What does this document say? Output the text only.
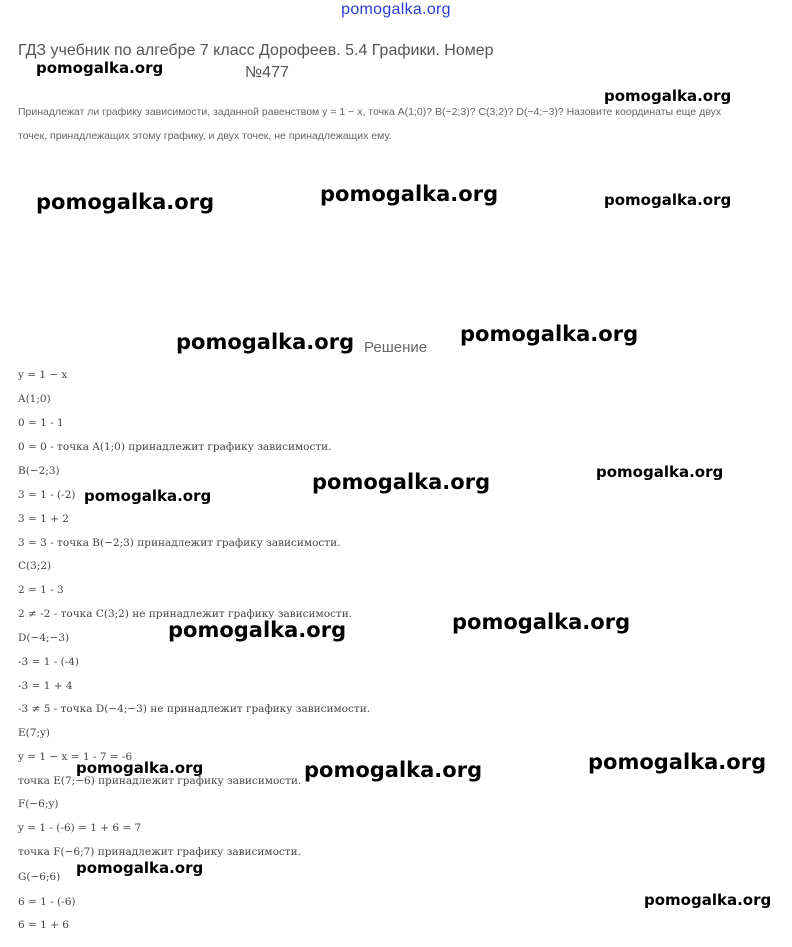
pomogalka.org
ГДЗ учебник по алгебре 7 класс Дорофеев. 5.4 Графики. Номер
№477
Принадлежат ли графику зависимости, заданной равенством y = 1 − x, точка A(1;0)? B(−2;3)? C(3;2)? D(−4;−3)? Назовите координаты еще двух
точек, принадлежащих этому графику, и двух точек, не принадлежащих ему.
Решение
y = 1 − x
A(1;0)
0 = 1 - 1
0 = 0 - точка A(1;0) принадлежит графику зависимости.
B(−2;3)
3 = 1 - (-2)
3 = 1 + 2
3 = 3 - точка B(−2;3) принадлежит графику зависимости.
C(3;2)
2 = 1 - 3
2 ≠ -2 - точка C(3;2) не принадлежит графику зависимости.
D(−4;−3)
-3 = 1 - (-4)
-3 = 1 + 4
-3 ≠ 5 - точка D(−4;−3) не принадлежит графику зависимости.
E(7;y)
y = 1 − x = 1 - 7 = -6
точка E(7;−6) принадлежит графику зависимости.
F(−6;y)
y = 1 - (-6) = 1 + 6 = 7
точка F(−6;7) принадлежит графику зависимости.
G(−6;6)
6 = 1 - (-6)
6 = 1 + 6
pomogalka.org
pomogalka.org
pomogalka.org	pomogalka.org	pomogalka.org
pomogalka.org	pomogalka.org
pomogalka.org
pomogalka.org
pomogalka.org
pomogalka.org	pomogalka.org
pomogalka.org
pomogalka.org
pomogalka.org
pomogalka.org
pomogalka.org
